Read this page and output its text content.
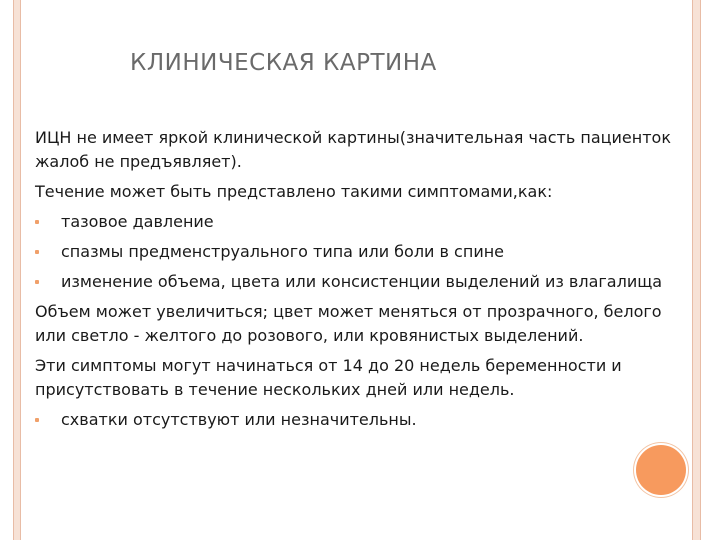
КЛИНИЧЕСКАЯ КАРТИНА

ИЦН не имеет яркой клинической картины(значительная часть пациенток жалоб не предъявляет).

Течение может быть представлено такими симптомами,как:

тазовое давление
спазмы предменструального типа или боли в спине
изменение объема, цвета или консистенции выделений из влагалища

Объем может увеличиться; цвет может меняться от прозрачного, белого или светло - желтого до розового, или кровянистых выделений.

Эти симптомы могут начинаться от 14 до 20 недель беременности и присутствовать в течение нескольких дней или недель.

схватки отсутствуют или незначительны.
